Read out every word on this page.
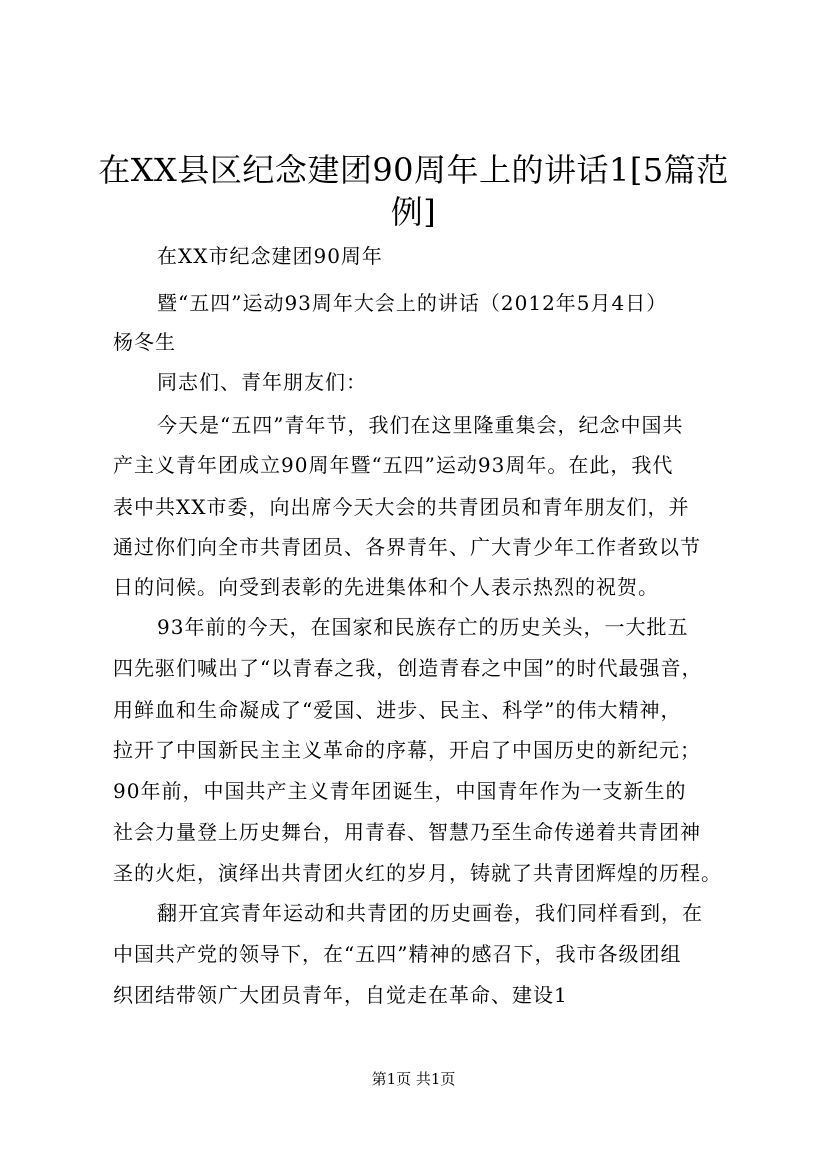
在XX县区纪念建团90周年上的讲话1[5篇范
例]
在XX市纪念建团90周年
暨“五四”运动93周年大会上的讲话（2012年5月4日）
杨冬生
同志们、青年朋友们：
今天是“五四”青年节，我们在这里隆重集会，纪念中国共
产主义青年团成立90周年暨“五四”运动93周年。在此，我代
表中共XX市委，向出席今天大会的共青团员和青年朋友们，并
通过你们向全市共青团员、各界青年、广大青少年工作者致以节
日的问候。向受到表彰的先进集体和个人表示热烈的祝贺。
93年前的今天，在国家和民族存亡的历史关头，一大批五
四先驱们喊出了“以青春之我，创造青春之中国”的时代最强音，
用鲜血和生命凝成了“爱国、进步、民主、科学”的伟大精神，
拉开了中国新民主主义革命的序幕，开启了中国历史的新纪元；
90年前，中国共产主义青年团诞生，中国青年作为一支新生的
社会力量登上历史舞台，用青春、智慧乃至生命传递着共青团神
圣的火炬，演绎出共青团火红的岁月，铸就了共青团辉煌的历程。
翻开宜宾青年运动和共青团的历史画卷，我们同样看到，在
中国共产党的领导下，在“五四”精神的感召下，我市各级团组
织团结带领广大团员青年，自觉走在革命、建设1
第1页 共1页
